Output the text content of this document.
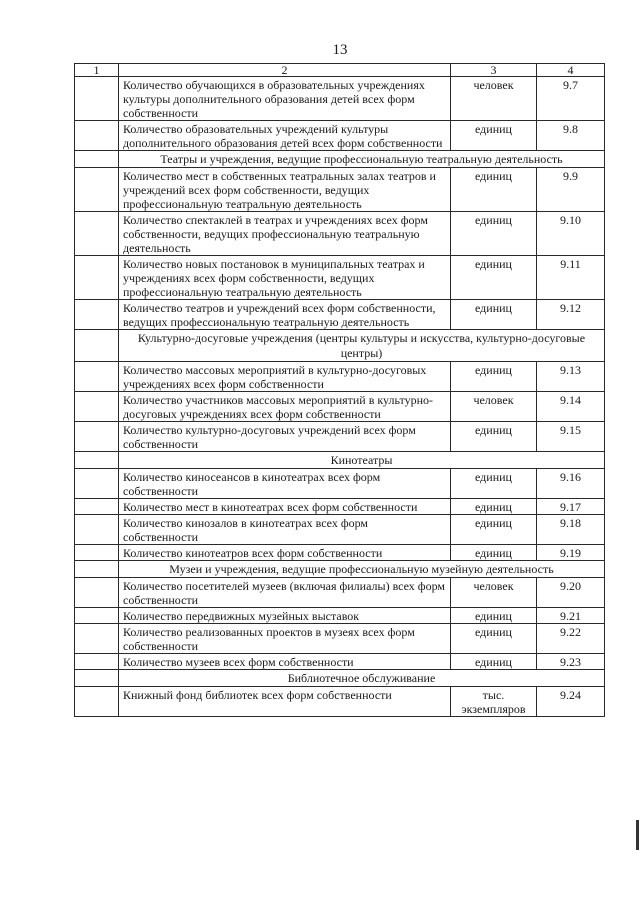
13
1	2	3	4
	Количество обучающихся в образовательных учреждениях культуры дополнительного образования детей всех форм собственности	человек	9.7
	Количество образовательных учреждений культуры дополнительного образования детей всех форм собственности	единиц	9.8
	Театры и учреждения, ведущие профессиональную театральную деятельность		
	Количество мест в собственных театральных залах театров и учреждений всех форм собственности, ведущих профессиональную театральную деятельность	единиц	9.9
	Количество спектаклей в театрах и учреждениях всех форм собственности, ведущих профессиональную театральную деятельность	единиц	9.10
	Количество новых постановок в муниципальных театрах и учреждениях всех форм собственности, ведущих профессиональную театральную деятельность	единиц	9.11
	Количество театров и учреждений всех форм собственности, ведущих профессиональную театральную деятельность	единиц	9.12
	Культурно-досуговые учреждения (центры культуры и искусства, культурно-досуговые центры)		
	Количество массовых мероприятий в культурно-досуговых учреждениях всех форм собственности	единиц	9.13
	Количество участников массовых мероприятий в культурно-досуговых учреждениях всех форм собственности	человек	9.14
	Количество культурно-досуговых учреждений всех форм собственности	единиц	9.15
	Кинотеатры		
	Количество киносеансов в кинотеатрах всех форм собственности	единиц	9.16
	Количество мест в кинотеатрах всех форм собственности	единиц	9.17
	Количество кинозалов в кинотеатрах всех форм собственности	единиц	9.18
	Количество кинотеатров всех форм собственности	единиц	9.19
	Музеи и учреждения, ведущие профессиональную музейную деятельность		
	Количество посетителей музеев (включая филиалы) всех форм собственности	человек	9.20
	Количество передвижных музейных выставок	единиц	9.21
	Количество реализованных проектов в музеях всех форм собственности	единиц	9.22
	Количество музеев всех форм собственности	единиц	9.23
	Библиотечное обслуживание		
	Книжный фонд библиотек всех форм собственности	тыс. экземпляров	9.24
